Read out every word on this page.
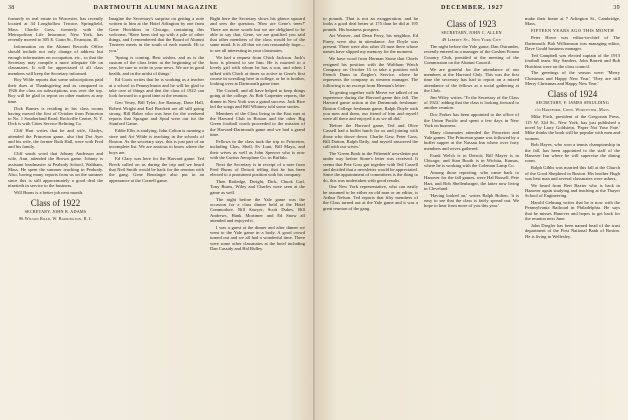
38	DARTMOUTH ALUMNI MAGAZINE

formerly in real estate in Worcester, has recently located at 34 Longhollow Terrace, Springfield, Mass. Charlie Goss, formerly with the Metropolitan Life Insurance, New York, has recently moved to 305 E. Crain St., Evanston, Ill.

Information on the Alumni Records Office should include not only change of address but enough information on occupation, etc., so that the Secretary may compile a more adequate file on classmates. It will be appreciated if all class members will keep the Secretary informed.

Roy Wilde reports that some subscriptions paid their dues at Thanksgiving and as compared to 1926 the class on subscriptions was over the top. Roy will be glad to report on other matters at any time.

Dick Barnes is residing in his class rooms having moved the first of October from Princeton to No. 1 Southerland Road, Rockville Centre, N. Y. Dick is with Cities Service Refining Co.

Cliff Hart writes that he and wife, Gladys, attended the Princeton game, also that Dot Ayer and his wife, the former Ruth Hall, were with Fred and his family.

Cliff sends word that Johnny Anderson and wife, Ann, attended the Brown game. Johnny is assistant headmaster at Peabody School, Waltham, Mass. He spent the summer teaching in Peabody. Also, having many reports from us on the summer since this is still approximately a good deal the ninetieth in service to the business.

Will Burns is a better job next month.

Class of 1922
SECRETARY, JOHN R. ADAMS
96 Wilson Road, W. Barrington, R. I.

Imagine the Secretary's surprise on getting a note written to him at the Hotel Arlington by one from Gene Hotchkiss in Chicago, containing this welcome, 'Have been tied up with a pile of other things, and I remembered that the Board of Alumni Trustees meets in the south of each month. Hi to you.'

'Spring is coming. Best wishes, and as is the custom of the class letter at the beginning of the year, be sure to write in your news. We are in good health, and in the midst of things.'

Ed Coots writes that he is working as a teacher at a school in Pennsylvania and he will be glad to take care of things and that the class of 1922 can look forward to a good time at the reunion.

Geo Vesey, Bill Tyler, Joe Ramsay, Dave Hall, Robert Wright and Earl Brackett are all still going strong. Bill Baker who was here for the weekend reports that Sprague and Spud were out for the Stanford Game.

Eddie Ellis is studying, John Colton is running a store and Art Wilde is teaching in the schools of Boston. As the secretary says, this is just part of an incomplete list. We are anxious to know where the boys are.

Ed Clary was here for the Harvard game. Ted Breck called on us during the trip and we heard that Neil Smith would be back for the reunion with the gang. Gene Benzinger also put in an appearance at the Cornell game.

Right here the Secretary slows his glance upward and sees the question, 'How are Gene's trees?' There are more words but we are delighted to be able to say that, Gene, we are gratified you said that other members of the class would be of the same mind. It is all that we can reasonably hope—to see all interesting in your classmates.

We had a request from Chick Jackson. Jack's boss is pleased to see him. He is married to a lovely girl with whom he has a son, and when I talked with Chick at times so active in Gene's first course in wrestling here in college, or he is brother, looking over at Dartmouth game time.

The Cornell, and all have helped to keep things going at the college. As Bob Carpenter reports, the dinner in New York was a grand success. Jack Rice led the songs and Bill Whitney told some stories.

Members of the Class living in the East met at the Harvard Club in Boston and the other Big Green football coach proceeded to the mission of the Harvard-Dartmouth game and we had a grand time.

Fellows in the class took the trip to Princeton, including Chas, Shell, Ev Lunt, Bill Mayo, and their wives as well as John Spencer who is now with the Curtiss Aeroplane Co. in Buffalo.

Next the Secretary is in receipt of a note from Fred Burns of Detroit telling that he has been elected to a prominent position with his company.

Then Rutledge, Dwight, Dick, Chuck Carl, Tony Burns, Wiley and Charles were seen at the game as well.

The night before the Yale game was the occasion for a class dinner held at the Hotel Commodore. Bill Sawyer, Scott Dukes, Bill Andrews, Hank Mortimer and Ed Snow all attended and enjoyed it.

I was a guest at the dinner and after dinner we went to the Yale game in a body. A good crowd turned out and we all had a wonderful time. There were some other classmates at the hotel including Dan Cassidy and Hal Ridley.

DECEMBER, 1927	39

to pounds. That is not an exaggeration, and he looks a good deal better at 175 than he did at 195 pounds. His business prospers.

Art Weaver, and Dean Ferry, his neighbor, Ed Furey, were also in attendance. Joe Doyle was present. There were also other 23 men there whose names have slipped my memory for the moment.

We have word from Herman Stone that Chiefs resigned his position with the Waltham Watch Company on October 15 to take a position with French Dunn in Ziegler's Service, where he represents the company as western manager. The following is an excerpt from Herman's letter:

'In getting together with Merve we talked of an experience during the Harvard game this fall. The Harvard game action at the Dartmouth freshman-Boston College freshman game, Ralph Doyle with you men and them, our friend of him and myself were all there and enjoyed it as we all did.'

'Before the Harvard game, Ted and Olive Cassell had a buffet lunch for us and joining with those who drove down. Charlie Gaw, Peter Goss, Bill Dutton, Ralph Daily, and myself answered the call with our wives.'

The 'Green Book in the Fifteenth' newsletter put under way before Stone's letter was received. It seems that Pete Goss got together with Ted Cassell and decided that a newsletter would be appreciated. Since the appointment of committees is the thing to do, this was undertaken with good results.

One New York representative, who can easily be assumed to be either an old man or an editor, is Arthur Nelson. Ted reports that fifty members of the Class turned out at the Yale game and it was a great reunion of the gang.

Class of 1923
SECRETARY, JOHN C. ALLEN
49 Liberty St., New York City

The night before the Yale game, Dan Ostrander, recently entered as a manager of the Goshen Forum Country Club, presided at the meeting of the Commission on the Alumni Council.

We are grateful for the attendance of our members at the Harvard Club. This was the first time the secretary has had to report on a mixed attendance of the fellows at a social gathering at the Club.

Jim Wiley writes: 'To the Secretary of the Class of 1923,' adding that the class is looking forward to another reunion.

Doc Parker has been appointed to the office of the Union Pacific and spent a few days in New York on business.

Many classmates attended the Princeton and Yale games. The Princeton game was followed by a buffet supper at the Nassau Inn where over forty members and wives gathered.

Frank Welch is in Detroit; Bill Mayer is in Chicago; and Stan Booth is in Wichita, Kansas, where he is working with the Coleman Lamp Co.

Among those reporting, who came back to Hanover for the fall games, were Hal Russell, Pete Hart, and Bob Shellenbarger, the latter now living in Cleveland.

'Having looked on,' writes Ralph Bolten, 'it is easy to see that the class is fairly spread out. We hope to hear from more of you this year.'

make their home at 7 Arlington St., Cambridge, Mass.

FIFTEEN YEARS AGO THIS MONTH

Peter Howe was editor-in-chief of The Dartmouth. Bob Williamson was managing editor, Dave Gould business manager.

Ted Campbell was elected captain of the 1913 football team. Sky Sanders, John Barrett and Bob Hutchins were on the class council.

The greetings of the season were: 'Merry Christmas and Happy New Year.' 'They are still Merry Christmas and Happy New Year.'

Class of 1924
SECRETARY, F. JAMES SPAULDING
c/o Hartford, Conn. Worcester, Mass.

Mike Fitch, president of the Gregorian Press, 115 W. 32d St., New York, has just published a novel by Larry Goldstein, 'Paper Not Your Fate.' Mike thinks the book will be popular with men and women.

Bob Hayes, who won a tennis championship in the fall, has been appointed to the staff of the Hanover Inn where he will supervise the dining room.

Ralph Gibbs was married this fall at the Church of the Good Shepherd in Boston. His brother Hugh was best man and several classmates were ushers.

We heard from Bert Baxter who is back in Hanover again studying and teaching at the Thayer School of Engineering.

Harold Gehrung writes that he is now with the Pennsylvania Railroad in Philadelphia. He says that he misses Hanover and hopes to get back for the reunion next June.

John Dregler has been named head of the trust department of the First National Bank of Boston. He is living in Wellesley.
